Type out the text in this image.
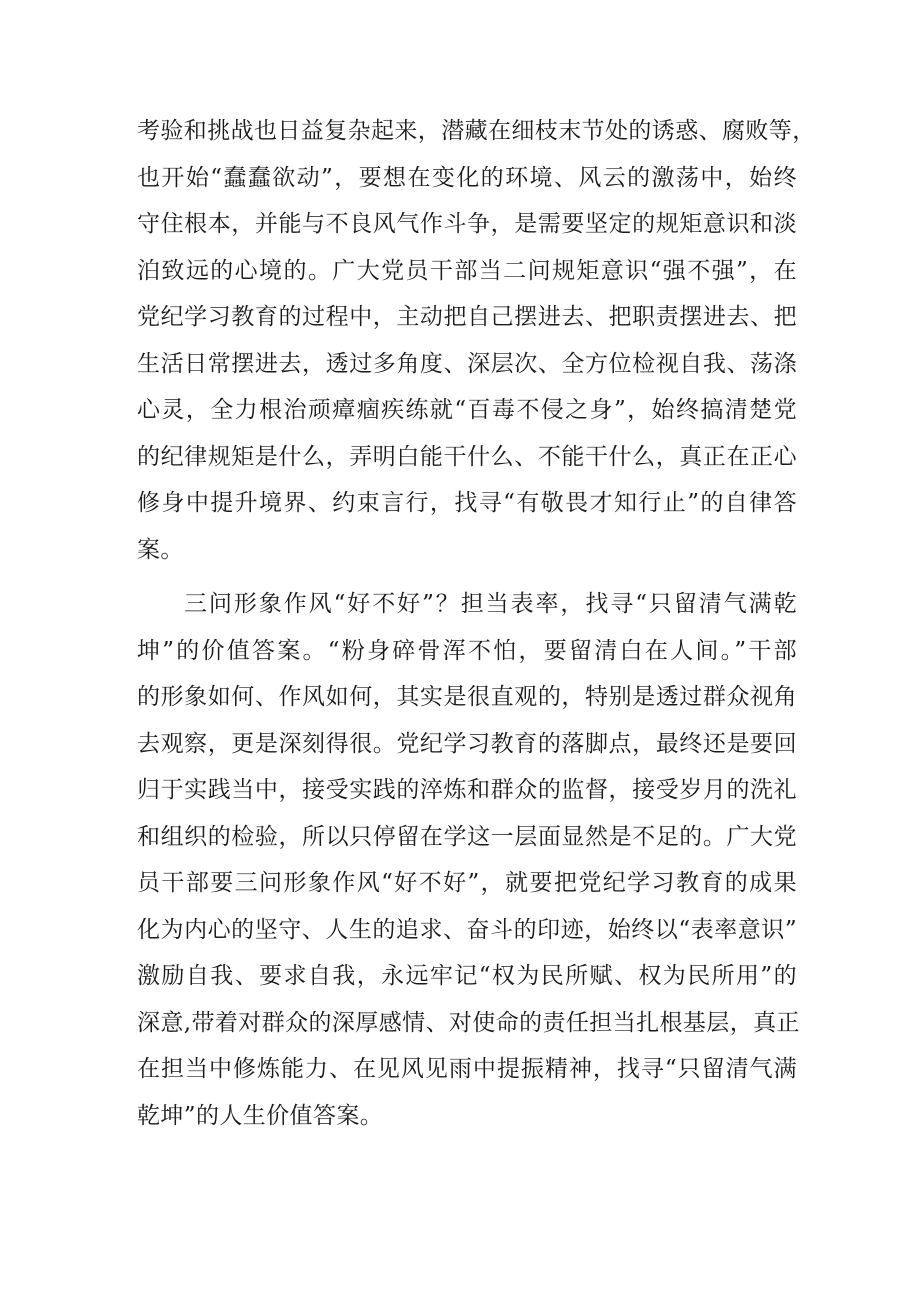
考验和挑战也日益复杂起来，潜藏在细枝末节处的诱惑、腐败等，
也开始“蠢蠢欲动”，要想在变化的环境、风云的激荡中，始终
守住根本，并能与不良风气作斗争，是需要坚定的规矩意识和淡
泊致远的心境的。广大党员干部当二问规矩意识“强不强”，在
党纪学习教育的过程中，主动把自己摆进去、把职责摆进去、把
生活日常摆进去，透过多角度、深层次、全方位检视自我、荡涤
心灵，全力根治顽瘴痼疾练就“百毒不侵之身”，始终搞清楚党
的纪律规矩是什么，弄明白能干什么、不能干什么，真正在正心
修身中提升境界、约束言行，找寻“有敬畏才知行止”的自律答
案。
三问形象作风“好不好”？担当表率，找寻“只留清气满乾
坤”的价值答案。“粉身碎骨浑不怕，要留清白在人间。”干部
的形象如何、作风如何，其实是很直观的，特别是透过群众视角
去观察，更是深刻得很。党纪学习教育的落脚点，最终还是要回
归于实践当中，接受实践的淬炼和群众的监督，接受岁月的洗礼
和组织的检验，所以只停留在学这一层面显然是不足的。广大党
员干部要三问形象作风“好不好”，就要把党纪学习教育的成果
化为内心的坚守、人生的追求、奋斗的印迹，始终以“表率意识”
激励自我、要求自我，永远牢记“权为民所赋、权为民所用”的
深意,带着对群众的深厚感情、对使命的责任担当扎根基层，真正
在担当中修炼能力、在见风见雨中提振精神，找寻“只留清气满
乾坤”的人生价值答案。
